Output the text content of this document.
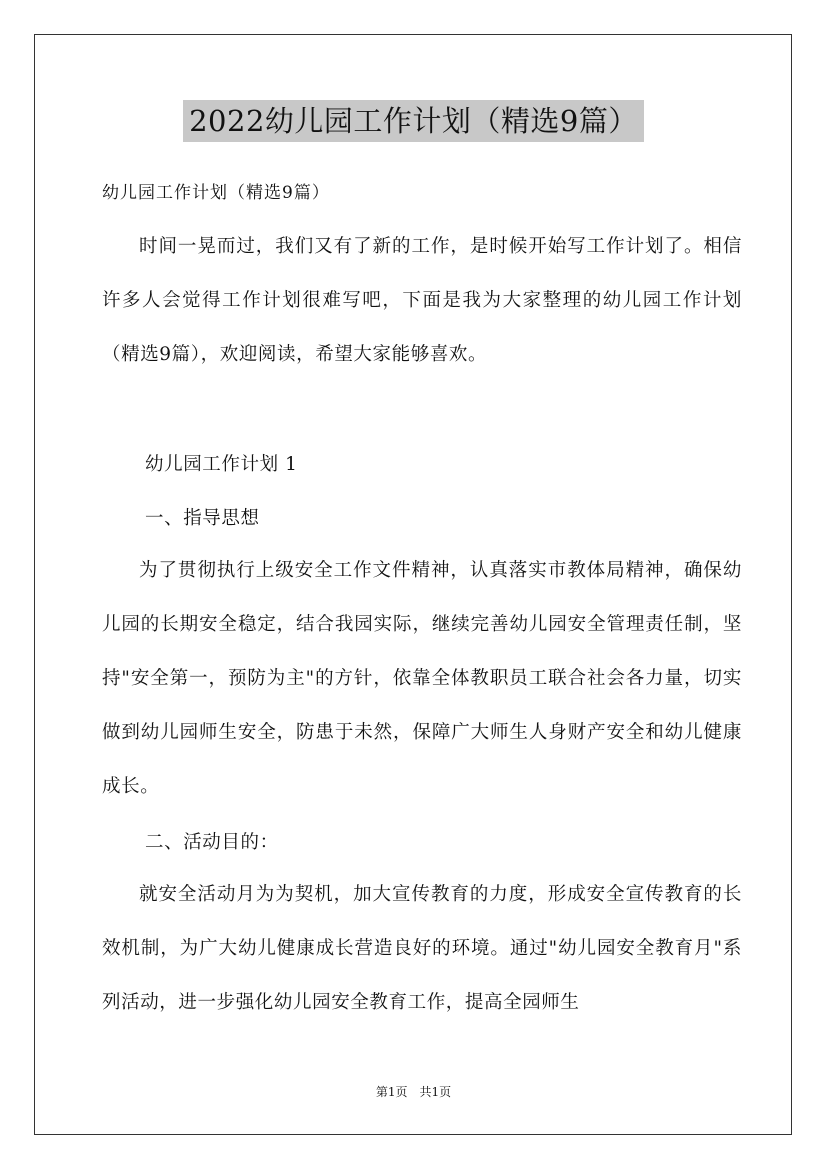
2022幼儿园工作计划（精选9篇）
幼儿园工作计划（精选9篇）
时间一晃而过，我们又有了新的工作，是时候开始写工作计划了。相信许多人会觉得工作计划很难写吧，下面是我为大家整理的幼儿园工作计划（精选9篇），欢迎阅读，希望大家能够喜欢。
幼儿园工作计划 1
一、指导思想
为了贯彻执行上级安全工作文件精神，认真落实市教体局精神，确保幼儿园的长期安全稳定，结合我园实际，继续完善幼儿园安全管理责任制，坚持"安全第一，预防为主"的方针，依靠全体教职员工联合社会各力量，切实做到幼儿园师生安全，防患于未然，保障广大师生人身财产安全和幼儿健康成长。
二、活动目的：
就安全活动月为为契机，加大宣传教育的力度，形成安全宣传教育的长效机制，为广大幼儿健康成长营造良好的环境。通过"幼儿园安全教育月"系列活动，进一步强化幼儿园安全教育工作，提高全园师生
第1页　共1页
